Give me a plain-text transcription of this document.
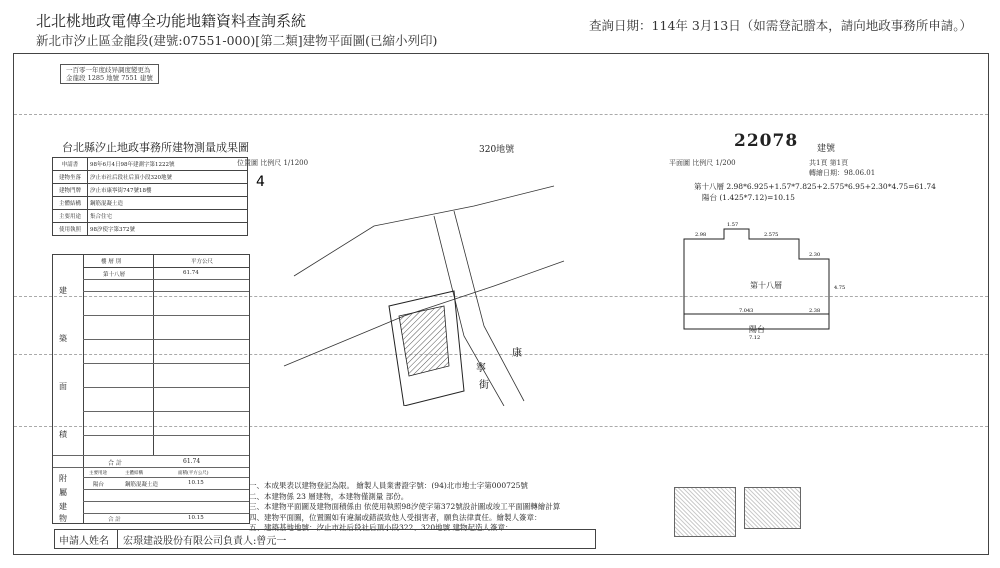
北北桃地政電傳全功能地籍資料查詢系統
新北市汐止區金龍段(建號:07551-000)[第二類]建物平面圖(已縮小列印)
查詢日期：114年 3月13日（如需登記謄本，請向地政事務所申請。）
一百零一年度歧异調度變更為
金龍段 1285 地號 7551 建號
台北縣汐止地政事務所建物測量成果圖	320地號	22078 建號
位置圖 比例尺 1/1200	平面圖 比例尺 1/200	共1頁 第1頁
轉繪日期：98.06.01
第十八層 2.98*6.925+1.57*7.825+2.575*6.95+2.30*4.75=61.74
陽台 (1.425*7.12)=10.15
申請書	98年6月4日98年建測字第1222號
建物坐落	汐止市社后段社后頂小段320地號
建物門牌	汐止市康寧街747號18樓
主體結構	鋼筋混凝土造
主要用途	集合住宅
使用執照	98汐使字第372號
樓 層 別	平方公尺
第十八層	61.74
建
築
面
積
合 計	61.74
附
屬
建
物
主要用途	主體結構	面積(平方公尺)
陽台	鋼筋混凝土造	10.15
合 計	10.15
4
康
寧
街
2.98
1.57
2.575
2.30
4.75
7.043	2.38
7.12
第十八層
陽台
一、本成果表以建物登記為限。 繪製人員業書證字號：(94)北市地士字第000725號
二、本建物係 23 層建物，本建物僅測量 部份。
三、本建物平面圖及建物面積係由 依使用執照98汐使字第372號設計圖或竣工平面圖轉繪計算
四、建物平面圖，位置圖如有違漏或錯誤致他人受損害者，願負法律責任。繪製人簽章：
五、建築基地地號：汐止市社后段社后頂小段322、320地號 建物起造人簽章：
申請人姓名 宏璟建設股份有限公司負責人:曾元一
